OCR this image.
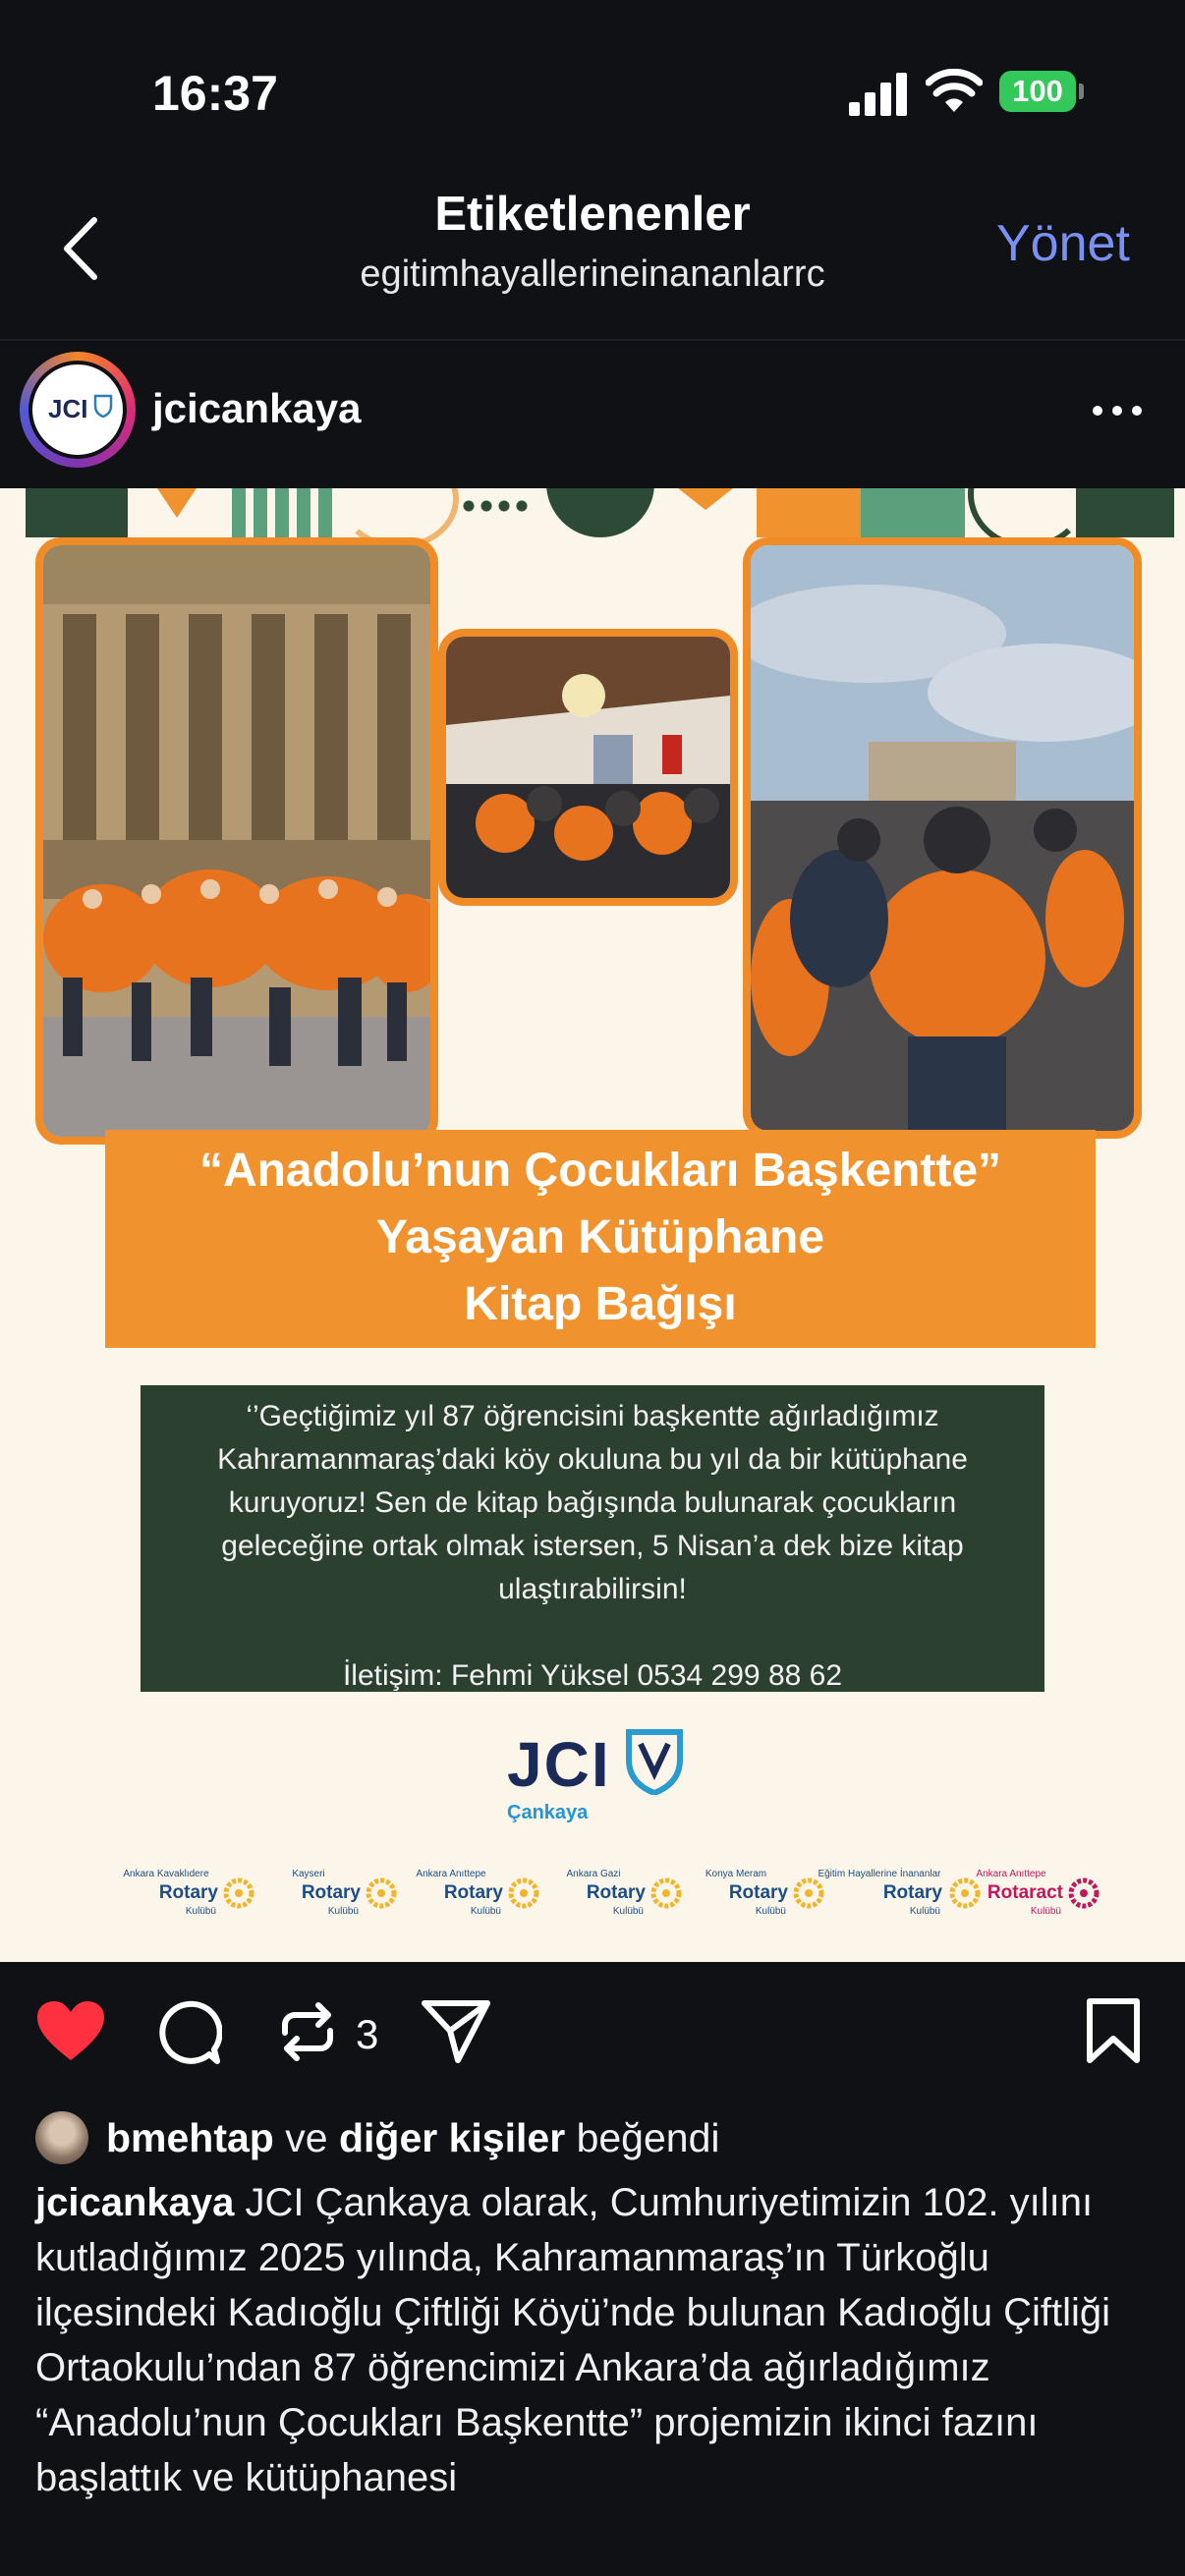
16:37	100
Etiketlenenler
egitimhayallerineinananlarrc
Yönet
JCI jcicankaya
“Anadolu’nun Çocukları Başkentte”
Yaşayan Kütüphane
Kitap Bağışı
‘’Geçtiğimiz yıl 87 öğrencisini başkentte ağırladığımız
Kahramanmaraş’daki köy okuluna bu yıl da bir kütüphane
kuruyoruz! Sen de kitap bağışında bulunarak çocukların
geleceğine ortak olmak istersen, 5 Nisan’a dek bize kitap
ulaştırabilirsin!
İletişim: Fehmi Yüksel 0534 299 88 62
JCI
Çankaya
Ankara Kavaklıdere
Rotary
Kulübü
Kayseri
Rotary
Kulübü
Ankara Anıttepe
Rotary
Kulübü
Ankara Gazi
Rotary
Kulübü
Konya Meram
Rotary
Kulübü
Eğitim Hayallerine İnananlar
Rotary
Kulübü
Ankara Anıttepe
Rotaract
Kulübü
3
bmehtap ve diğer kişiler beğendi
jcicankaya JCI Çankaya olarak, Cumhuriyetimizin 102. yılını kutladığımız 2025 yılında, Kahramanmaraş’ın Türkoğlu ilçesindeki Kadıoğlu Çiftliği Köyü’nde bulunan Kadıoğlu Çiftliği Ortaokulu’ndan 87 öğrencimizi Ankara’da ağırladığımız “Anadolu’nun Çocukları Başkentte” projemizin ikinci fazını başlattık ve kütüphanesi
